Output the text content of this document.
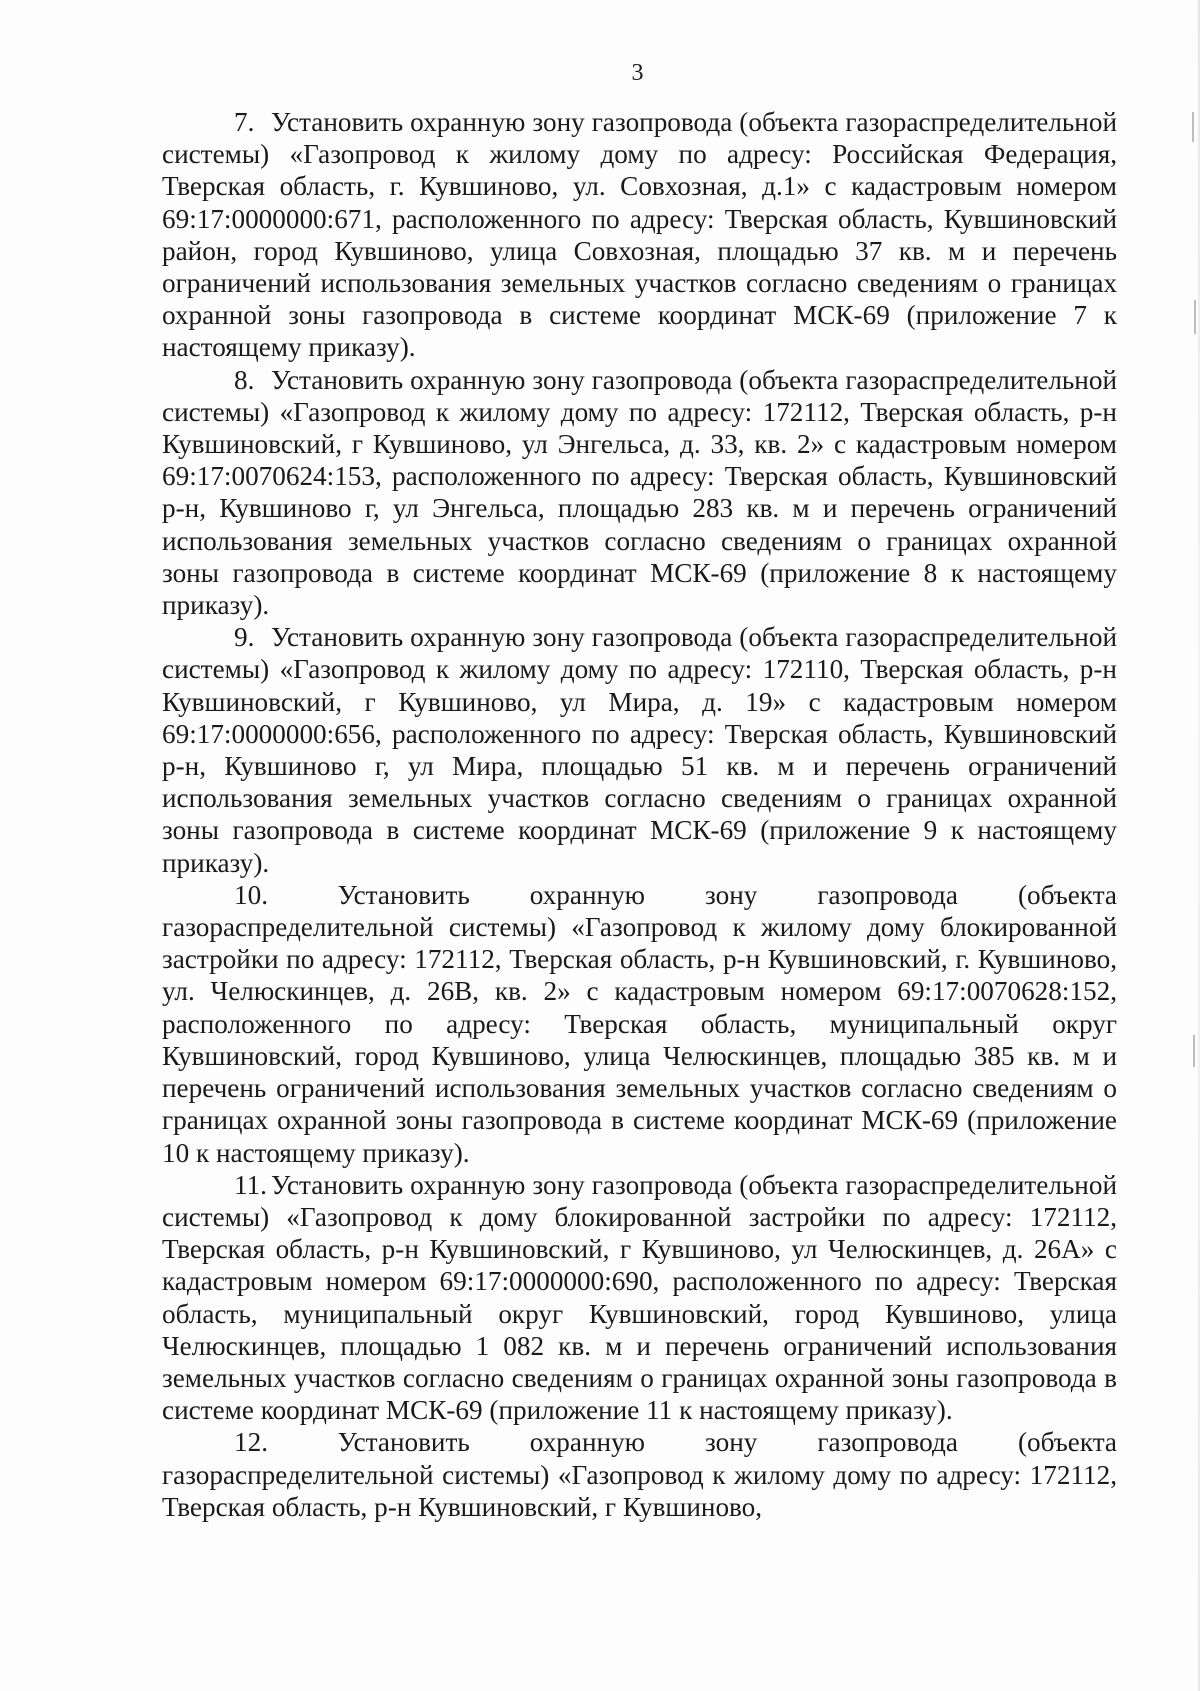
3

7.	Установить охранную зону газопровода (объекта газораспределительной системы) «Газопровод к жилому дому по адресу: Российская Федерация, Тверская область, г. Кувшиново, ул. Совхозная, д.1» с кадастровым номером 69:17:0000000:671, расположенного по адресу: Тверская область, Кувшиновский район, город Кувшиново, улица Совхозная, площадью 37 кв. м и перечень ограничений использования земельных участков согласно сведениям о границах охранной зоны газопровода в системе координат МСК-69 (приложение 7 к настоящему приказу).

8.	Установить охранную зону газопровода (объекта газораспределительной системы) «Газопровод к жилому дому по адресу: 172112, Тверская область, р-н Кувшиновский, г Кувшиново, ул Энгельса, д. 33, кв. 2» с кадастровым номером 69:17:0070624:153, расположенного по адресу: Тверская область, Кувшиновский р-н, Кувшиново г, ул Энгельса, площадью 283 кв. м и перечень ограничений использования земельных участков согласно сведениям о границах охранной зоны газопровода в системе координат МСК-69 (приложение 8 к настоящему приказу).

9.	Установить охранную зону газопровода (объекта газораспределительной системы) «Газопровод к жилому дому по адресу: 172110, Тверская область, р-н Кувшиновский, г Кувшиново, ул Мира, д. 19» с кадастровым номером 69:17:0000000:656, расположенного по адресу: Тверская область, Кувшиновский р-н, Кувшиново г, ул Мира, площадью 51 кв. м и перечень ограничений использования земельных участков согласно сведениям о границах охранной зоны газопровода в системе координат МСК-69 (приложение 9 к настоящему приказу).

10.	Установить охранную зону газопровода (объекта газораспределительной системы) «Газопровод к жилому дому блокированной застройки по адресу: 172112, Тверская область, р-н Кувшиновский, г. Кувшиново, ул. Челюскинцев, д. 26В, кв. 2» с кадастровым номером 69:17:0070628:152, расположенного по адресу: Тверская область, муниципальный округ Кувшиновский, город Кувшиново, улица Челюскинцев, площадью 385 кв. м и перечень ограничений использования земельных участков согласно сведениям о границах охранной зоны газопровода в системе координат МСК-69 (приложение 10 к настоящему приказу).

11.	Установить охранную зону газопровода (объекта газораспределительной системы) «Газопровод к дому блокированной застройки по адресу: 172112, Тверская область, р-н Кувшиновский, г Кувшиново, ул Челюскинцев, д. 26А» с кадастровым номером 69:17:0000000:690, расположенного по адресу: Тверская область, муниципальный округ Кувшиновский, город Кувшиново, улица Челюскинцев, площадью 1 082 кв. м и перечень ограничений использования земельных участков согласно сведениям о границах охранной зоны газопровода в системе координат МСК-69 (приложение 11 к настоящему приказу).

12.	Установить охранную зону газопровода (объекта газораспределительной системы) «Газопровод к жилому дому по адресу: 172112, Тверская область, р-н Кувшиновский, г Кувшиново,
